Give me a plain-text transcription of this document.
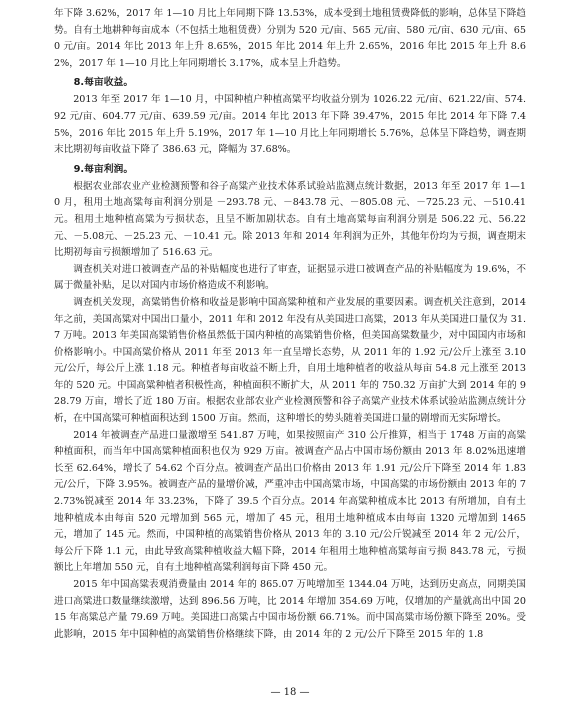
年下降 3.62%，2017 年 1—10 月比上年同期下降 13.53%，成本受到土地租赁费降低的影响，总体呈下降趋势。自有土地耕种每亩成本（不包括土地租赁费）分别为 520 元/亩、565 元/亩、580 元/亩、630 元/亩、650 元/亩。2014 年比 2013 年上升 8.65%，2015 年比 2014 年上升 2.65%，2016 年比 2015 年上升 8.62%，2017 年 1—10 月比上年同期增长 3.17%，成本呈上升趋势。

8.每亩收益。

2013 年至 2017 年 1—10 月，中国种植户种植高粱平均收益分别为 1026.22 元/亩、621.22/亩、574.92 元/亩、604.77 元/亩、639.59 元/亩。2014 年比 2013 年下降 39.47%，2015 年比 2014 年下降 7.45%，2016 年比 2015 年上升 5.19%，2017 年 1—10 月比上年同期增长 5.76%，总体呈下降趋势，调查期末比期初每亩收益下降了 386.63 元，降幅为 37.68%。

9.每亩利润。

根据农业部农业产业检测预警和谷子高粱产业技术体系试验站监测点统计数据，2013 年至 2017 年 1—10 月，租用土地高粱每亩利润分别是 －293.78 元、－843.78 元、－805.08 元、－725.23 元、－510.41 元。租用土地种植高粱为亏损状态，且呈不断加剧状态。自有土地高粱每亩利润分别是 506.22 元、56.22 元、－5.08元、－25.23 元、－10.41 元。除 2013 年和 2014 年利润为正外，其他年份均为亏损，调查期末比期初每亩亏损额增加了 516.63 元。

调查机关对进口被调查产品的补贴幅度也进行了审查，证据显示进口被调查产品的补贴幅度为 19.6%，不属于微量补贴，足以对国内市场价格造成不利影响。

调查机关发现，高粱销售价格和收益是影响中国高粱种植和产业发展的重要因素。调查机关注意到，2014 年之前，美国高粱对中国出口量小，2011 年和 2012 年没有从美国进口高粱，2013 年从美国进口量仅为 31.7 万吨。2013 年美国高粱销售价格虽然低于国内种植的高粱销售价格，但美国高粱数量少，对中国国内市场和价格影响小。中国高粱价格从 2011 年至 2013 年一直呈增长态势，从 2011 年的 1.92 元/公斤上涨至 3.10 元/公斤，每公斤上涨 1.18 元。种植者每亩收益不断上升，自用土地种植者的收益从每亩 54.8 元上涨至 2013 年的 520 元。中国高粱种植者积极性高，种植面积不断扩大，从 2011 年的 750.32 万亩扩大到 2014 年的 928.79 万亩，增长了近 180 万亩。根据农业部农业产业检测预警和谷子高粱产业技术体系试验站监测点统计分析，在中国高粱可种植面积达到 1500 万亩。然而，这种增长的势头随着美国进口量的剧增而无实际增长。

2014 年被调查产品进口量激增至 541.87 万吨，如果按照亩产 310 公斤推算，相当于 1748 万亩的高粱种植面积，而当年中国高粱种植面积也仅为 929 万亩。被调查产品占中国市场份额由 2013 年 8.02%迅速增长至 62.64%，增长了 54.62 个百分点。被调查产品出口价格由 2013 年 1.91 元/公斤下降至 2014 年 1.83 元/公斤，下降 3.95%。被调查产品的量增价减，严重冲击中国高粱市场，中国高粱的市场份额由 2013 年的 72.73%锐减至 2014 年 33.23%，下降了 39.5 个百分点。2014 年高粱种植成本比 2013 有所增加，自有土地种植成本由每亩 520 元增加到 565 元，增加了 45 元，租用土地种植成本由每亩 1320 元增加到 1465 元，增加了 145 元。然而，中国种植的高粱销售价格从 2013 年的 3.10 元/公斤锐减至 2014 年 2 元/公斤，每公斤下降 1.1 元，由此导致高粱种植收益大幅下降，2014 年租用土地种植高粱每亩亏损 843.78 元，亏损额比上年增加 550 元，自有土地种植高粱利润每亩下降 450 元。

2015 年中国高粱表观消费量由 2014 年的 865.07 万吨增加至 1344.04 万吨，达到历史高点，同期美国进口高粱进口数量继续激增，达到 896.56 万吨，比 2014 年增加 354.69 万吨，仅增加的产量就高出中国 2015 年高粱总产量 79.69 万吨。美国进口高粱占中国市场份额 66.71%。而中国高粱市场份额下降至 20%。受此影响，2015 年中国种植的高粱销售价格继续下降，由 2014 年的 2 元/公斤下降至 2015 年的 1.8

— 18 —
